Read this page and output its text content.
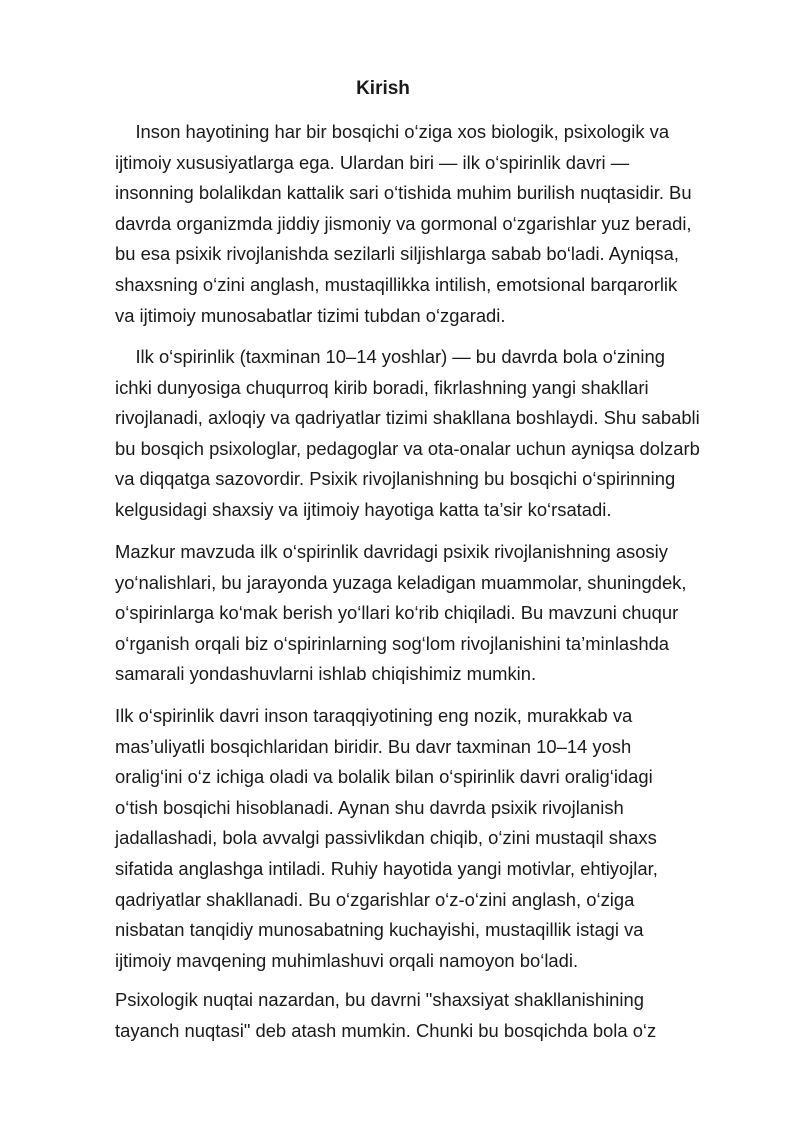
Kirish

Inson hayotining har bir bosqichi o‘ziga xos biologik, psixologik va
ijtimoiy xususiyatlarga ega. Ulardan biri — ilk o‘spirinlik davri —
insonning bolalikdan kattalik sari o‘tishida muhim burilish nuqtasidir. Bu
davrda organizmda jiddiy jismoniy va gormonal o‘zgarishlar yuz beradi,
bu esa psixik rivojlanishda sezilarli siljishlarga sabab bo‘ladi. Ayniqsa,
shaxsning o‘zini anglash, mustaqillikka intilish, emotsional barqarorlik
va ijtimoiy munosabatlar tizimi tubdan o‘zgaradi.

Ilk o‘spirinlik (taxminan 10–14 yoshlar) — bu davrda bola o‘zining
ichki dunyosiga chuqurroq kirib boradi, fikrlashning yangi shakllari
rivojlanadi, axloqiy va qadriyatlar tizimi shakllana boshlaydi. Shu sababli
bu bosqich psixologlar, pedagoglar va ota-onalar uchun ayniqsa dolzarb
va diqqatga sazovordir. Psixik rivojlanishning bu bosqichi o‘spirinning
kelgusidagi shaxsiy va ijtimoiy hayotiga katta ta’sir ko‘rsatadi.

Mazkur mavzuda ilk o‘spirinlik davridagi psixik rivojlanishning asosiy
yo‘nalishlari, bu jarayonda yuzaga keladigan muammolar, shuningdek,
o‘spirinlarga ko‘mak berish yo‘llari ko‘rib chiqiladi. Bu mavzuni chuqur
o‘rganish orqali biz o‘spirinlarning sog‘lom rivojlanishini ta’minlashda
samarali yondashuvlarni ishlab chiqishimiz mumkin.

Ilk o‘spirinlik davri inson taraqqiyotining eng nozik, murakkab va
mas’uliyatli bosqichlaridan biridir. Bu davr taxminan 10–14 yosh
oralig‘ini o‘z ichiga oladi va bolalik bilan o‘spirinlik davri oralig‘idagi
o‘tish bosqichi hisoblanadi. Aynan shu davrda psixik rivojlanish
jadallashadi, bola avvalgi passivlikdan chiqib, o‘zini mustaqil shaxs
sifatida anglashga intiladi. Ruhiy hayotida yangi motivlar, ehtiyojlar,
qadriyatlar shakllanadi. Bu o‘zgarishlar o‘z-o‘zini anglash, o‘ziga
nisbatan tanqidiy munosabatning kuchayishi, mustaqillik istagi va
ijtimoiy mavqening muhimlashuvi orqali namoyon bo‘ladi.

Psixologik nuqtai nazardan, bu davrni "shaxsiyat shakllanishining
tayanch nuqtasi" deb atash mumkin. Chunki bu bosqichda bola o‘z
